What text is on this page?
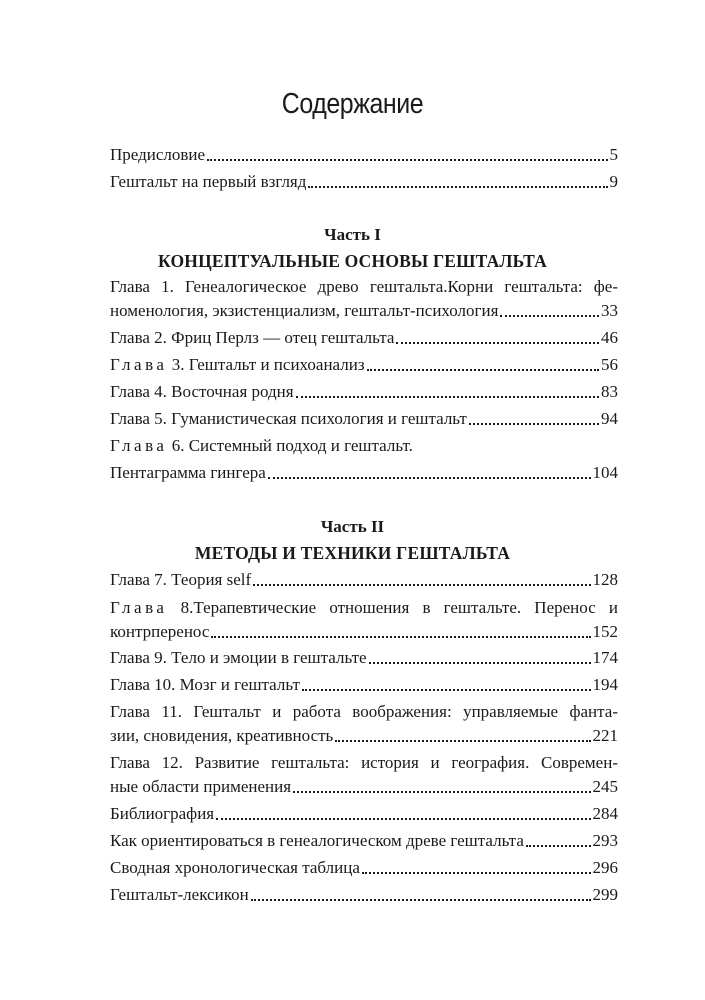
Содержание
Предисловие	5
Гештальт на первый взгляд	9
Часть I
КОНЦЕПТУАЛЬНЫЕ ОСНОВЫ ГЕШТАЛЬТА
Глава 1. Генеалогическое древо гештальта.Корни гештальта: фе-
номенология, экзистенциализм, гештальт-психология	33
Глава 2. Фриц Перлз — отец гештальта	46
Глава 3. Гештальт и психоанализ	56
Глава 4. Восточная родня	83
Глава 5. Гуманистическая психология и гештальт	94
Глава 6. Системный подход и гештальт.
Пентаграмма гингера	104
Часть II
МЕТОДЫ И ТЕХНИКИ ГЕШТАЛЬТА
Глава 7. Теория self	128
Глава 8.Терапевтические отношения в гештальте. Перенос и
контрперенос	152
Глава 9. Тело и эмоции в гештальте	174
Глава 10. Мозг и гештальт	194
Глава 11. Гештальт и работа воображения: управляемые фанта-
зии, сновидения, креативность	221
Глава 12. Развитие гештальта: история и география. Современ-
ные области применения	245
Библиография	284
Как ориентироваться в генеалогическом древе гештальта	293
Сводная хронологическая таблица	296
Гештальт-лексикон	299
